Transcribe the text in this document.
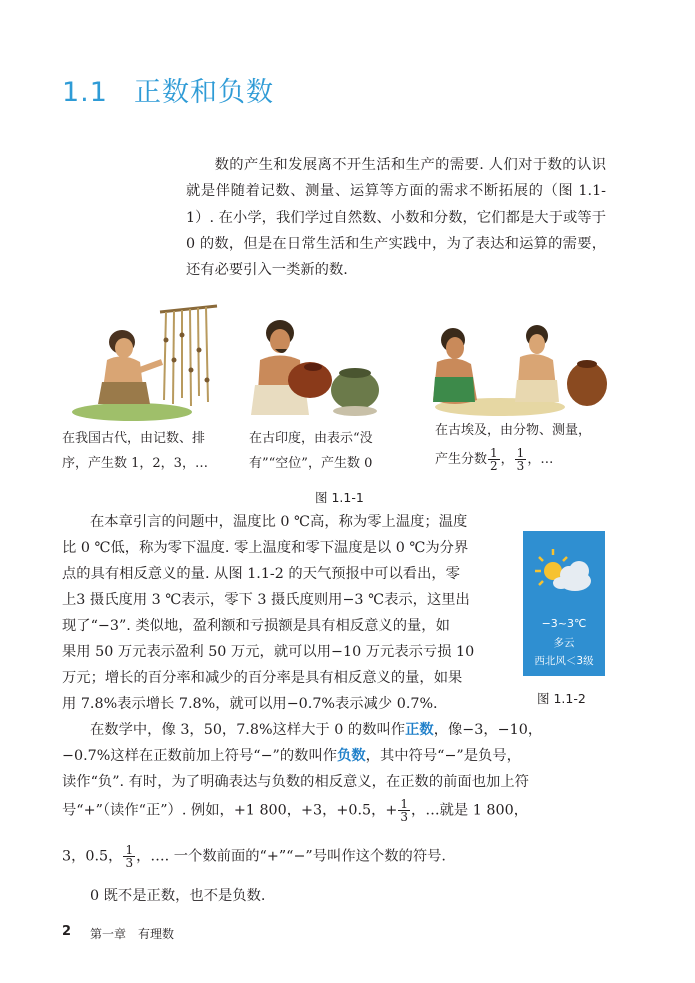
1.1 正数和负数

数的产生和发展离不开生活和生产的需要. 人们对于数的认识就是伴随着记数、测量、运算等方面的需求不断拓展的（图 1.1-1）. 在小学，我们学过自然数、小数和分数，它们都是大于或等于 0 的数，但是在日常生活和生产实践中，为了表达和运算的需要，还有必要引入一类新的数.

在我国古代，由记数、排
序，产生数 1，2，3，…
在古印度，由表示“没
有”“空位”，产生数 0
在古埃及，由分物、测量，
产生分数 $\frac{1}{2}$ ， $\frac{1}{3}$ ，…
图 1.1-1
在本章引言的问题中，温度比 0 ℃高，称为零上温度；温度
比 0 ℃低，称为零下温度. 零上温度和零下温度是以 0 ℃为分界
点的具有相反意义的量. 从图 1.1-2 的天气预报中可以看出，零
上3 摄氏度用 3 ℃表示，零下 3 摄氏度则用−3 ℃表示，这里出
现了“−3”. 类似地，盈利额和亏损额是具有相反意义的量，如
果用 50 万元表示盈利 50 万元，就可以用−10 万元表示亏损 10
万元；增长的百分率和减少的百分率是具有相反意义的量，如果
用 7.8%表示增长 7.8%，就可以用−0.7%表示减少 0.7%.
−3~3℃
多云
西北风＜3级
图 1.1-2
在数学中，像 3，50，7.8%这样大于 0 的数叫作正数，像−3，−10，
−0.7%这样在正数前加上符号“−”的数叫作负数，其中符号“−”是负号，
读作“负”. 有时，为了明确表达与负数的相反意义，在正数的前面也加上符
号“+”（读作“正”）. 例如，+1 800，+3，+0.5，+ $\frac{1}{3}$ ，…就是 1 800，
3，0.5， $\frac{1}{3}$ ，…. 一个数前面的“+”“−”号叫作这个数的符号.
0 既不是正数，也不是负数.
2 第一章　有理数
